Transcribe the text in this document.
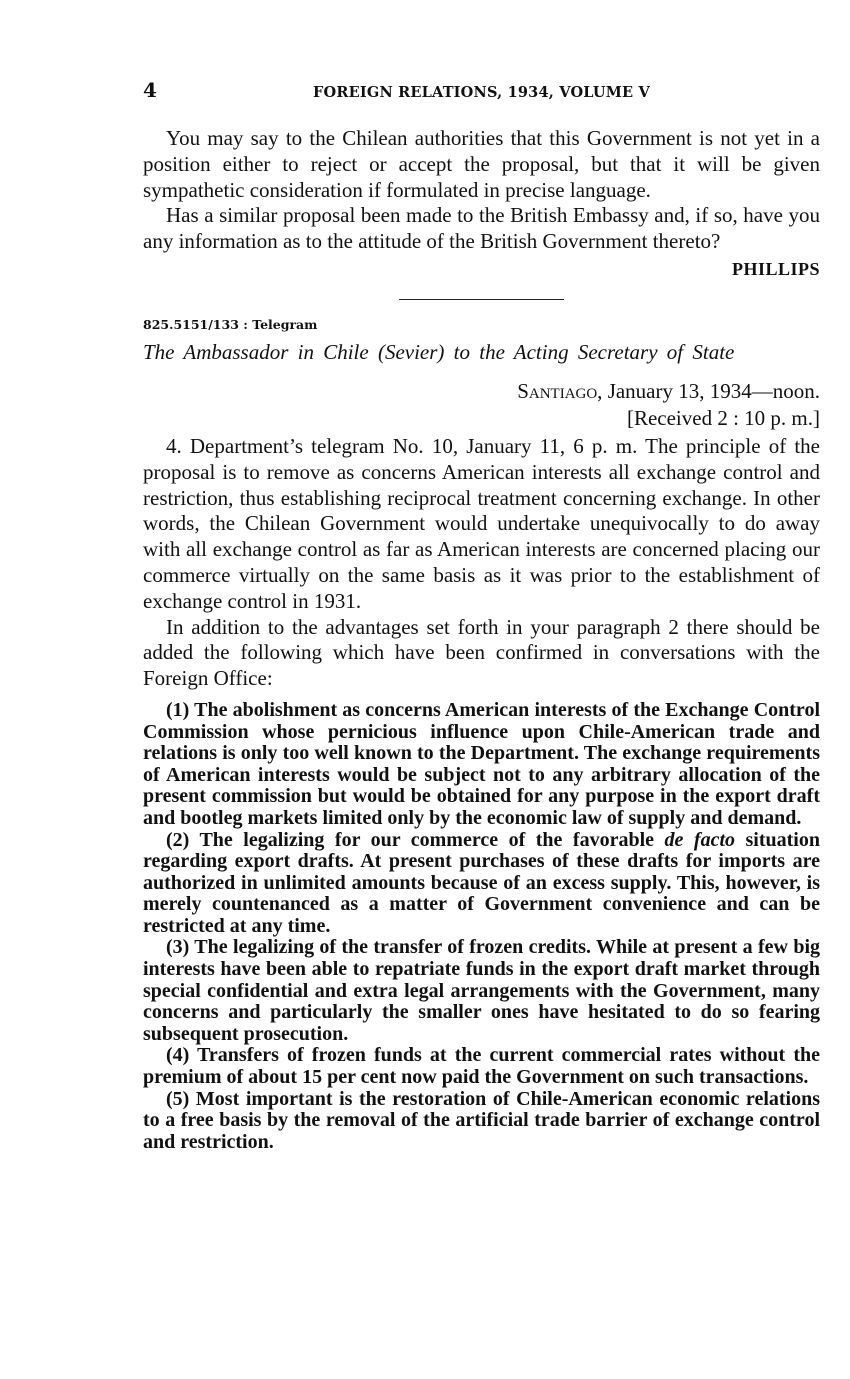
4	FOREIGN RELATIONS, 1934, VOLUME V

You may say to the Chilean authorities that this Government is not yet in a position either to reject or accept the proposal, but that it will be given sympathetic consideration if formulated in precise language.

Has a similar proposal been made to the British Embassy and, if so, have you any information as to the attitude of the British Government thereto?

PHILLIPS
825.5151/133 : Telegram
The Ambassador in Chile (Sevier) to the Acting Secretary of State
Santiago, January 13, 1934—noon.
[Received 2 : 10 p. m.]

4. Department’s telegram No. 10, January 11, 6 p. m. The principle of the proposal is to remove as concerns American interests all exchange control and restriction, thus establishing reciprocal treatment concerning exchange. In other words, the Chilean Government would undertake unequivocally to do away with all exchange control as far as American interests are concerned placing our commerce virtually on the same basis as it was prior to the establishment of exchange control in 1931.

In addition to the advantages set forth in your paragraph 2 there should be added the following which have been confirmed in conversations with the Foreign Office:

(1) The abolishment as concerns American interests of the Exchange Control Commission whose pernicious influence upon Chile-American trade and relations is only too well known to the Department. The exchange requirements of American interests would be subject not to any arbitrary allocation of the present commission but would be obtained for any purpose in the export draft and bootleg markets limited only by the economic law of supply and demand.

(2) The legalizing for our commerce of the favorable de facto situation regarding export drafts. At present purchases of these drafts for imports are authorized in unlimited amounts because of an excess supply. This, however, is merely countenanced as a matter of Government convenience and can be restricted at any time.

(3) The legalizing of the transfer of frozen credits. While at present a few big interests have been able to repatriate funds in the export draft market through special confidential and extra legal arrangements with the Government, many concerns and particularly the smaller ones have hesitated to do so fearing subsequent prosecution.

(4) Transfers of frozen funds at the current commercial rates without the premium of about 15 per cent now paid the Government on such transactions.

(5) Most important is the restoration of Chile-American economic relations to a free basis by the removal of the artificial trade barrier of exchange control and restriction.
